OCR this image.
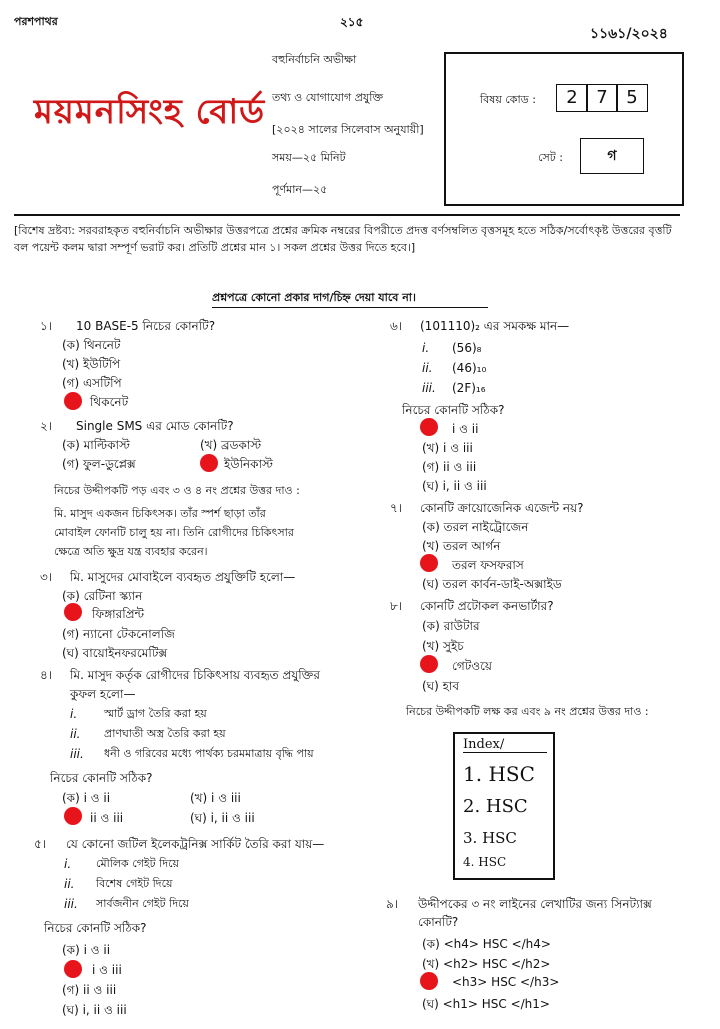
পরশপাথর	২১৫
১১৬১/২০২৪
ময়মনসিংহ বোর্ড
বহুনির্বাচনি অভীক্ষা
তথ্য ও যোগাযোগ প্রযুক্তি
[২০২৪ সালের সিলেবাস অনুযায়ী]
সময়—২৫ মিনিট
পূর্ণমান—২৫
বিষয় কোড :	2 7 5
সেট :	গ
[বিশেষ দ্রষ্টব্য: সরবরাহকৃত বহুনির্বাচনি অভীক্ষার উত্তরপত্রে প্রশ্নের ক্রমিক নম্বরের বিপরীতে প্রদত্ত বর্ণসম্বলিত বৃত্তসমূহ হতে সঠিক/সর্বোৎকৃষ্ট উত্তরের বৃত্তটি বল পয়েন্ট কলম দ্বারা সম্পূর্ণ ভরাট কর। প্রতিটি প্রশ্নের মান ১। সকল প্রশ্নের উত্তর দিতে হবে।]
প্রশ্নপত্রে কোনো প্রকার দাগ/চিহ্ন দেয়া যাবে না।
১। 10 BASE-5 নিচের কোনটি?
(ক) থিননেট
(খ) ইউটিপি
(গ) এসটিপি
থিকনেট
২। Single SMS এর মোড কোনটি?
(ক) মাল্টিকাস্ট	(খ) ব্রডকাস্ট
(গ) ফুল-ডুপ্লেক্স	ইউনিকাস্ট
নিচের উদ্দীপকটি পড় এবং ৩ ও ৪ নং প্রশ্নের উত্তর দাও :
মি. মাসুদ একজন চিকিৎসক। তাঁর স্পর্শ ছাড়া তাঁর
মোবাইল ফোনটি চালু হয় না। তিনি রোগীদের চিকিৎসার
ক্ষেত্রে অতি ক্ষুদ্র যন্ত্র ব্যবহার করেন।
৩। মি. মাসুদের মোবাইলে ব্যবহৃত প্রযুক্তিটি হলো—
(ক) রেটিনা স্ক্যান
ফিঙ্গারপ্রিন্ট
(গ) ন্যানো টেকনোলজি
(ঘ) বায়োইনফরমেটিক্স
৪। মি. মাসুদ কর্তৃক রোগীদের চিকিৎসায় ব্যবহৃত প্রযুক্তির
কুফল হলো—
i. স্মার্ট ড্রাগ তৈরি করা হয়
ii. প্রাণঘাতী অস্ত্র তৈরি করা হয়
iii. ধনী ও গরিবের মধ্যে পার্থক্য চরমমাত্রায় বৃদ্ধি পায়
নিচের কোনটি সঠিক?
(ক) i ও ii	(খ) i ও iii
ii ও iii	(ঘ) i, ii ও iii
৫। যে কোনো জটিল ইলেকট্রনিক্স সার্কিট তৈরি করা যায়—
i. মৌলিক গেইট দিয়ে
ii. বিশেষ গেইট দিয়ে
iii. সার্বজনীন গেইট দিয়ে
নিচের কোনটি সঠিক?
(ক) i ও ii
i ও iii
(গ) ii ও iii
(ঘ) i, ii ও iii
৬। (101110)₂ এর সমকক্ষ মান—
i. (56)₈
ii. (46)₁₀
iii. (2F)₁₆
নিচের কোনটি সঠিক?
i ও ii
(খ) i ও iii
(গ) ii ও iii
(ঘ) i, ii ও iii
৭। কোনটি ক্রায়োজেনিক এজেন্ট নয়?
(ক) তরল নাইট্রোজেন
(খ) তরল আর্গন
তরল ফসফরাস
(ঘ) তরল কার্বন-ডাই-অক্সাইড
৮। কোনটি প্রটোকল কনভার্টার?
(ক) রাউটার
(খ) সুইচ
গেটওয়ে
(ঘ) হাব
নিচের উদ্দীপকটি লক্ষ কর এবং ৯ নং প্রশ্নের উত্তর দাও :
Index/
1. HSC
2. HSC
3. HSC
4. HSC
৯। উদ্দীপকের ৩ নং লাইনের লেখাটির জন্য সিনট্যাক্স
কোনটি?
(ক) <h4> HSC </h4>
(খ) <h2> HSC </h2>
<h3> HSC </h3>
(ঘ) <h1> HSC </h1>
